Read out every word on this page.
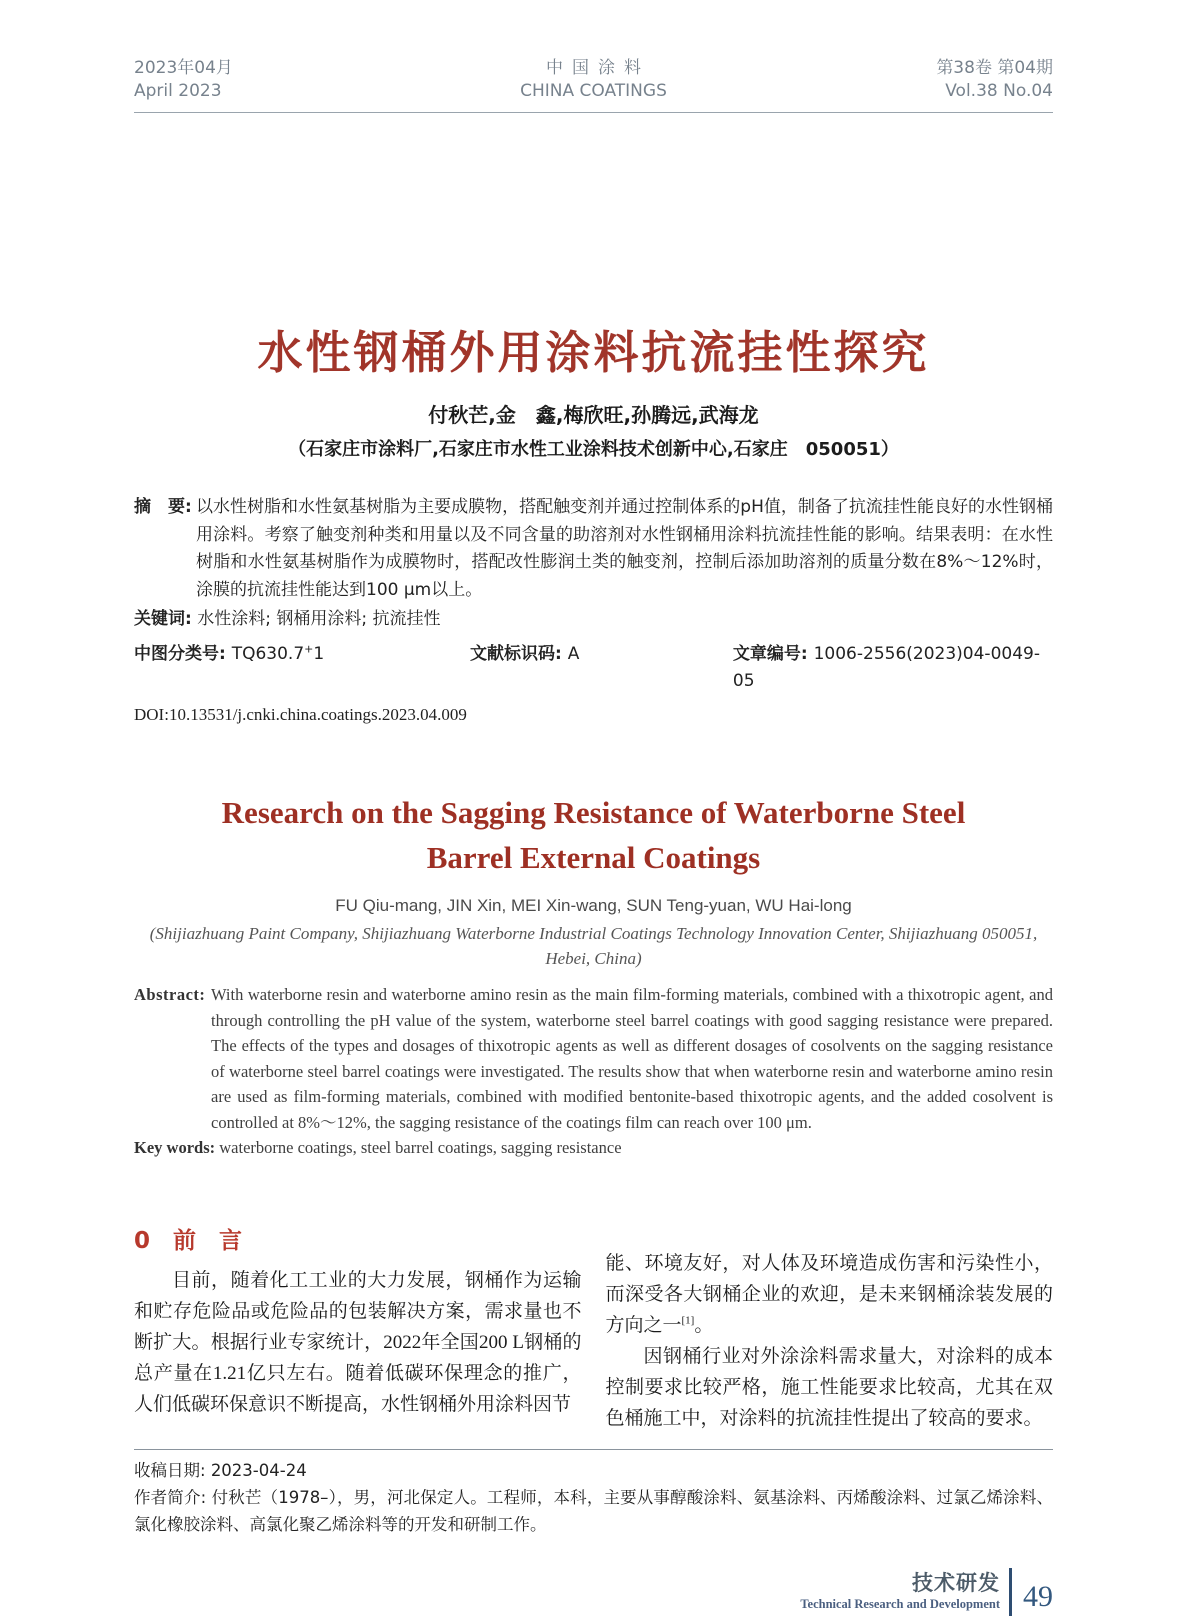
2023年04月
April 2023
中国涂料
CHINA COATINGS
第38卷 第04期
Vol.38 No.04
水性钢桶外用涂料抗流挂性探究
付秋芒,金　鑫,梅欣旺,孙腾远,武海龙
（石家庄市涂料厂,石家庄市水性工业涂料技术创新中心,石家庄　050051）
摘　要: 以水性树脂和水性氨基树脂为主要成膜物，搭配触变剂并通过控制体系的pH值，制备了抗流挂性能良好的水性钢桶用涂料。考察了触变剂种类和用量以及不同含量的助溶剂对水性钢桶用涂料抗流挂性能的影响。结果表明：在水性树脂和水性氨基树脂作为成膜物时，搭配改性膨润土类的触变剂，控制后添加助溶剂的质量分数在8%～12%时，涂膜的抗流挂性能达到100 μm以上。
关键词: 水性涂料; 钢桶用涂料; 抗流挂性
中图分类号: TQ630.7+1	文献标识码: A	文章编号: 1006-2556(2023)04-0049-05
DOI:10.13531/j.cnki.china.coatings.2023.04.009
Research on the Sagging Resistance of Waterborne Steel
Barrel External Coatings
FU Qiu-mang, JIN Xin, MEI Xin-wang, SUN Teng-yuan, WU Hai-long
(Shijiazhuang Paint Company, Shijiazhuang Waterborne Industrial Coatings Technology Innovation Center, Shijiazhuang 050051, Hebei, China)
Abstract: With waterborne resin and waterborne amino resin as the main film-forming materials, combined with a thixotropic agent, and through controlling the pH value of the system, waterborne steel barrel coatings with good sagging resistance were prepared. The effects of the types and dosages of thixotropic agents as well as different dosages of cosolvents on the sagging resistance of waterborne steel barrel coatings were investigated. The results show that when waterborne resin and waterborne amino resin are used as film-forming materials, combined with modified bentonite-based thixotropic agents, and the added cosolvent is controlled at 8%～12%, the sagging resistance of the coatings film can reach over 100 μm.
Key words: waterborne coatings, steel barrel coatings, sagging resistance
0　前　言

目前，随着化工工业的大力发展，钢桶作为运输和贮存危险品或危险品的包装解决方案，需求量也不断扩大。根据行业专家统计，2022年全国200 L钢桶的总产量在1.21亿只左右。随着低碳环保理念的推广，人们低碳环保意识不断提高，水性钢桶外用涂料因节

能、环境友好，对人体及环境造成伤害和污染性小，而深受各大钢桶企业的欢迎，是未来钢桶涂装发展的方向之一[1]。

因钢桶行业对外涂涂料需求量大，对涂料的成本控制要求比较严格，施工性能要求比较高，尤其在双色桶施工中，对涂料的抗流挂性提出了较高的要求。

收稿日期: 2023-04-24
作者简介: 付秋芒（1978–），男，河北保定人。工程师，本科，主要从事醇酸涂料、氨基涂料、丙烯酸涂料、过氯乙烯涂料、氯化橡胶涂料、高氯化聚乙烯涂料等的开发和研制工作。
技术研发
Technical Research and Development 49
